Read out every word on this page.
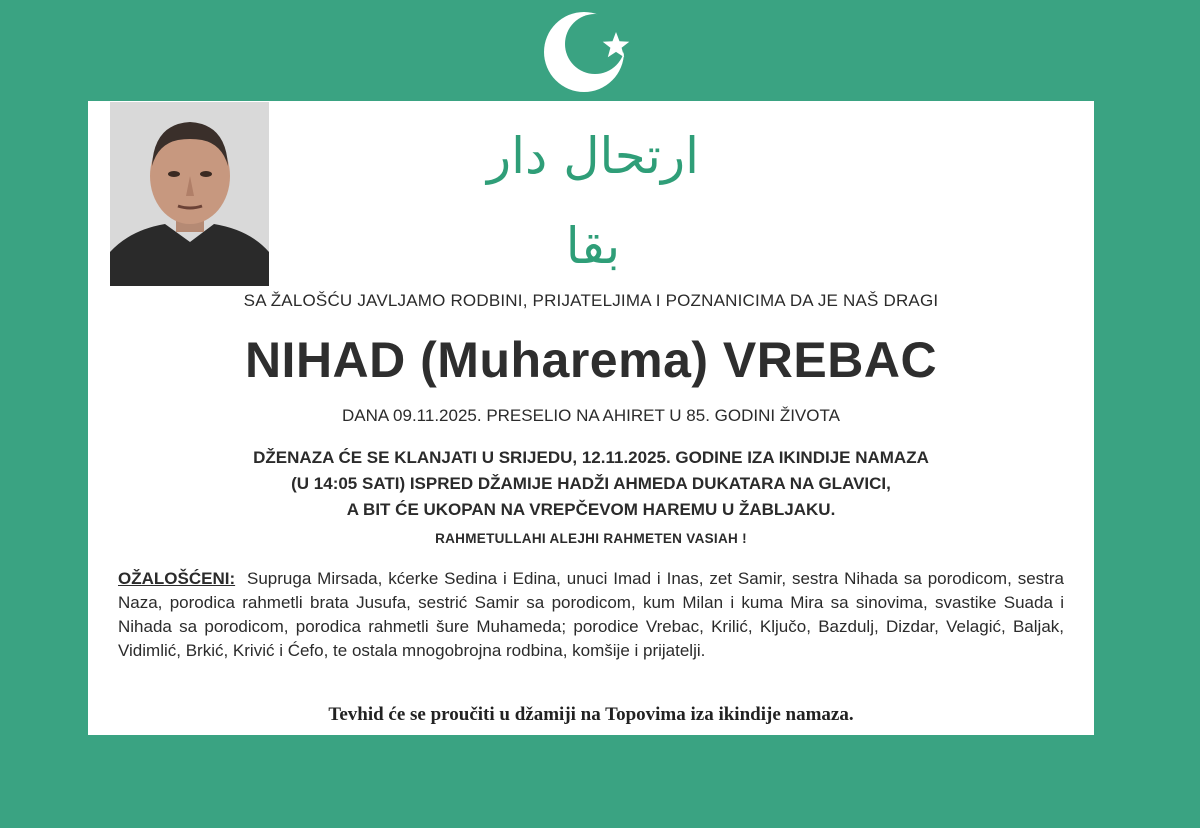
ارتحال دار بقا
SA ŽALOŠĆU JAVLJAMO RODBINI, PRIJATELJIMA I POZNANICIMA DA JE NAŠ DRAGI
NIHAD (Muharema) VREBAC
DANA 09.11.2025. PRESELIO NA AHIRET U 85. GODINI ŽIVOTA
DŽENAZA ĆE SE KLANJATI U SRIJEDU, 12.11.2025. GODINE IZA IKINDIJE NAMAZA
(U 14:05 SATI) ISPRED DŽAMIJE HADŽI AHMEDA DUKATARA NA GLAVICI,
A BIT ĆE UKOPAN NA VREPČEVOM HAREMU U ŽABLJAKU.
RAHMETULLAHI ALEJHI RAHMETEN VASIAH !
OŽALOŠĆENI: Supruga Mirsada, kćerke Sedina i Edina, unuci Imad i Inas, zet Samir, sestra Nihada sa porodicom, sestra Naza, porodica rahmetli brata Jusufa, sestrić Samir sa porodicom, kum Milan i kuma Mira sa sinovima, svastike Suada i Nihada sa porodicom, porodica rahmetli šure Muhameda; porodice Vrebac, Krilić, Ključo, Bazdulj, Dizdar, Velagić, Baljak, Vidimlić, Brkić, Krivić i Ćefo, te ostala mnogobrojna rodbina, komšije i prijatelji.
Tevhid će se proučiti u džamiji na Topovima iza ikindije namaza.
